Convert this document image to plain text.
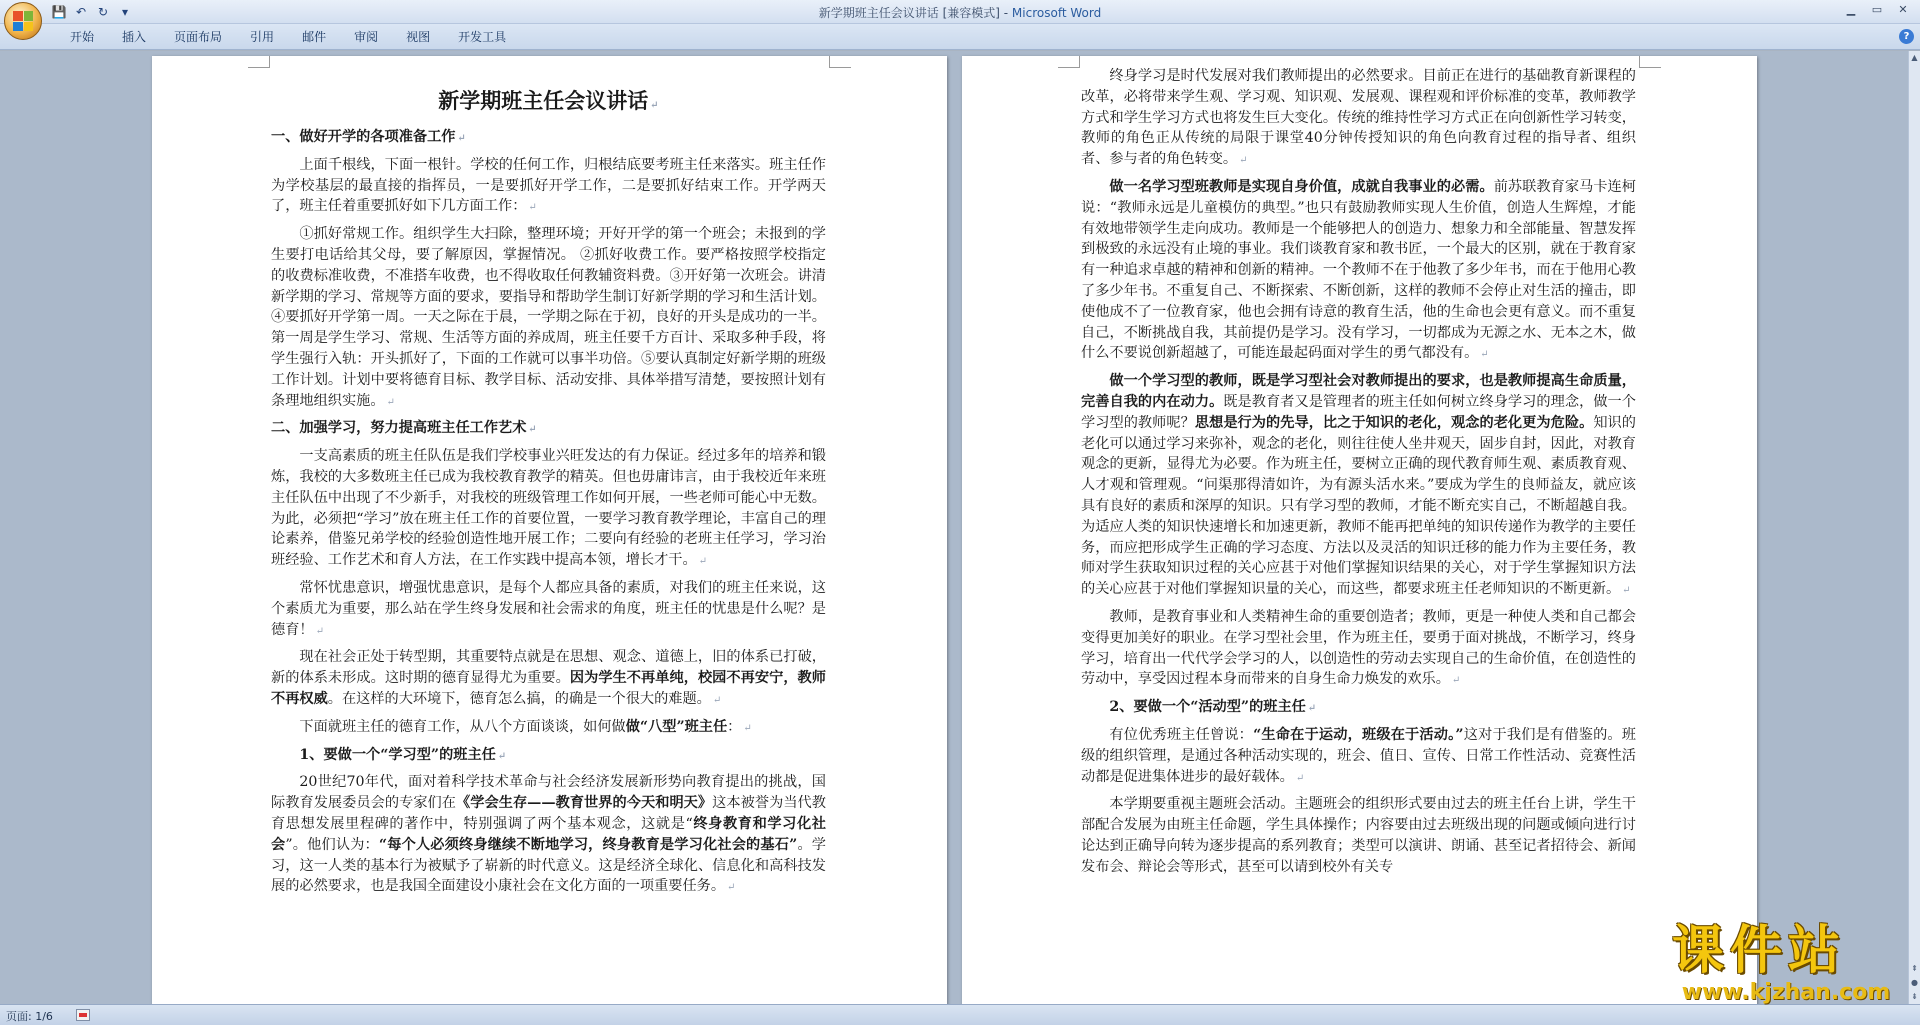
💾 ↶ ↻	▾	新学期班主任会议讲话 [兼容模式] - Microsoft Word	▁	▭	✕
开始	插入	页面布局	引用	邮件	审阅	视图	开发工具	?

新学期班主任会议讲话 ↵

一、做好开学的各项准备工作 ↵

上面千根线，下面一根针。学校的任何工作，归根结底要考班主任来落实。班主任作为学校基层的最直接的指挥员，一是要抓好开学工作，二是要抓好结束工作。开学两天了，班主任着重要抓好如下几方面工作： ↵

①抓好常规工作。组织学生大扫除，整理环境；开好开学的第一个班会；未报到的学生要打电话给其父母，要了解原因，掌握情况。 ②抓好收费工作。要严格按照学校指定的收费标准收费，不准搭车收费，也不得收取任何教辅资料费。③开好第一次班会。讲清新学期的学习、常规等方面的要求，要指导和帮助学生制订好新学期的学习和生活计划。④要抓好开学第一周。一天之际在于晨，一学期之际在于初，良好的开头是成功的一半。第一周是学生学习、常规、生活等方面的养成周，班主任要千方百计、采取多种手段，将学生强行入轨：开头抓好了，下面的工作就可以事半功倍。⑤要认真制定好新学期的班级工作计划。计划中要将德育目标、教学目标、活动安排、具体举措写清楚，要按照计划有条理地组织实施。 ↵

二、加强学习，努力提高班主任工作艺术 ↵

一支高素质的班主任队伍是我们学校事业兴旺发达的有力保证。经过多年的培养和锻炼，我校的大多数班主任已成为我校教育教学的精英。但也毋庸讳言，由于我校近年来班主任队伍中出现了不少新手，对我校的班级管理工作如何开展，一些老师可能心中无数。为此，必须把“学习”放在班主任工作的首要位置，一要学习教育教学理论，丰富自己的理论素养，借鉴兄弟学校的经验创造性地开展工作；二要向有经验的老班主任学习，学习治班经验、工作艺术和育人方法，在工作实践中提高本领，增长才干。 ↵

常怀忧患意识，增强忧患意识，是每个人都应具备的素质，对我们的班主任来说，这个素质尤为重要，那么站在学生终身发展和社会需求的角度，班主任的忧患是什么呢？是德育！ ↵

现在社会正处于转型期，其重要特点就是在思想、观念、道德上，旧的体系已打破，新的体系未形成。这时期的德育显得尤为重要。因为学生不再单纯，校园不再安宁，教师不再权威。在这样的大环境下，德育怎么搞，的确是一个很大的难题。 ↵

下面就班主任的德育工作，从八个方面谈谈，如何做做“八型”班主任： ↵

1、要做一个“学习型”的班主任 ↵

20世纪70年代，面对着科学技术革命与社会经济发展新形势向教育提出的挑战，国际教育发展委员会的专家们在《学会生存——教育世界的今天和明天》这本被誉为当代教育思想发展里程碑的著作中，特别强调了两个基本观念，这就是“终身教育和学习化社会”。他们认为：“每个人必须终身继续不断地学习，终身教育是学习化社会的基石”。学习，这一人类的基本行为被赋予了崭新的时代意义。这是经济全球化、信息化和高科技发展的必然要求，也是我国全面建设小康社会在文化方面的一项重要任务。 ↵

终身学习是时代发展对我们教师提出的必然要求。目前正在进行的基础教育新课程的改革，必将带来学生观、学习观、知识观、发展观、课程观和评价标准的变革，教师教学方式和学生学习方式也将发生巨大变化。传统的维持性学习方式正在向创新性学习转变，教师的角色正从传统的局限于课堂40分钟传授知识的角色向教育过程的指导者、组织者、参与者的角色转变。 ↵

做一名学习型班教师是实现自身价值，成就自我事业的必需。前苏联教育家马卡连柯说：“教师永远是儿童模仿的典型。”也只有鼓励教师实现人生价值，创造人生辉煌，才能有效地带领学生走向成功。教师是一个能够把人的创造力、想象力和全部能量、智慧发挥到极致的永远没有止境的事业。我们谈教育家和教书匠，一个最大的区别，就在于教育家有一种追求卓越的精神和创新的精神。一个教师不在于他教了多少年书，而在于他用心教了多少年书。不重复自己、不断探索、不断创新，这样的教师不会停止对生活的撞击，即使他成不了一位教育家，他也会拥有诗意的教育生活，他的生命也会更有意义。而不重复自己，不断挑战自我，其前提仍是学习。没有学习，一切都成为无源之水、无本之木，做什么不要说创新超越了，可能连最起码面对学生的勇气都没有。 ↵

做一个学习型的教师，既是学习型社会对教师提出的要求，也是教师提高生命质量，完善自我的内在动力。既是教育者又是管理者的班主任如何树立终身学习的理念，做一个学习型的教师呢？思想是行为的先导，比之于知识的老化，观念的老化更为危险。知识的老化可以通过学习来弥补，观念的老化，则往往使人坐井观天，固步自封，因此，对教育观念的更新，显得尤为必要。作为班主任，要树立正确的现代教育师生观、素质教育观、人才观和管理观。“问渠那得清如许，为有源头活水来。”要成为学生的良师益友，就应该具有良好的素质和深厚的知识。只有学习型的教师，才能不断充实自己，不断超越自我。为适应人类的知识快速增长和加速更新，教师不能再把单纯的知识传递作为教学的主要任务，而应把形成学生正确的学习态度、方法以及灵活的知识迁移的能力作为主要任务，教师对学生获取知识过程的关心应甚于对他们掌握知识结果的关心，对于学生掌握知识方法的关心应甚于对他们掌握知识量的关心，而这些，都要求班主任老师知识的不断更新。 ↵

教师，是教育事业和人类精神生命的重要创造者；教师，更是一种使人类和自己都会变得更加美好的职业。在学习型社会里，作为班主任，要勇于面对挑战，不断学习，终身学习，培育出一代代学会学习的人，以创造性的劳动去实现自己的生命价值，在创造性的劳动中，享受因过程本身而带来的自身生命力焕发的欢乐。 ↵

2、要做一个“活动型”的班主任 ↵

有位优秀班主任曾说：“生命在于运动，班级在于活动。”这对于我们是有借鉴的。班级的组织管理，是通过各种活动实现的，班会、值日、宣传、日常工作性活动、竞赛性活动都是促进集体进步的最好载体。 ↵

本学期要重视主题班会活动。主题班会的组织形式要由过去的班主任台上讲，学生干部配合发展为由班主任命题，学生具体操作；内容要由过去班级出现的问题或倾向进行讨论达到正确导向转为逐步提高的系列教育；类型可以演讲、朗诵、甚至记者招待会、新闻发布会、辩论会等形式，甚至可以请到校外有关专

▲
⇞
●
⇟
页面: 1/6
课件站
www.kjzhan.com
